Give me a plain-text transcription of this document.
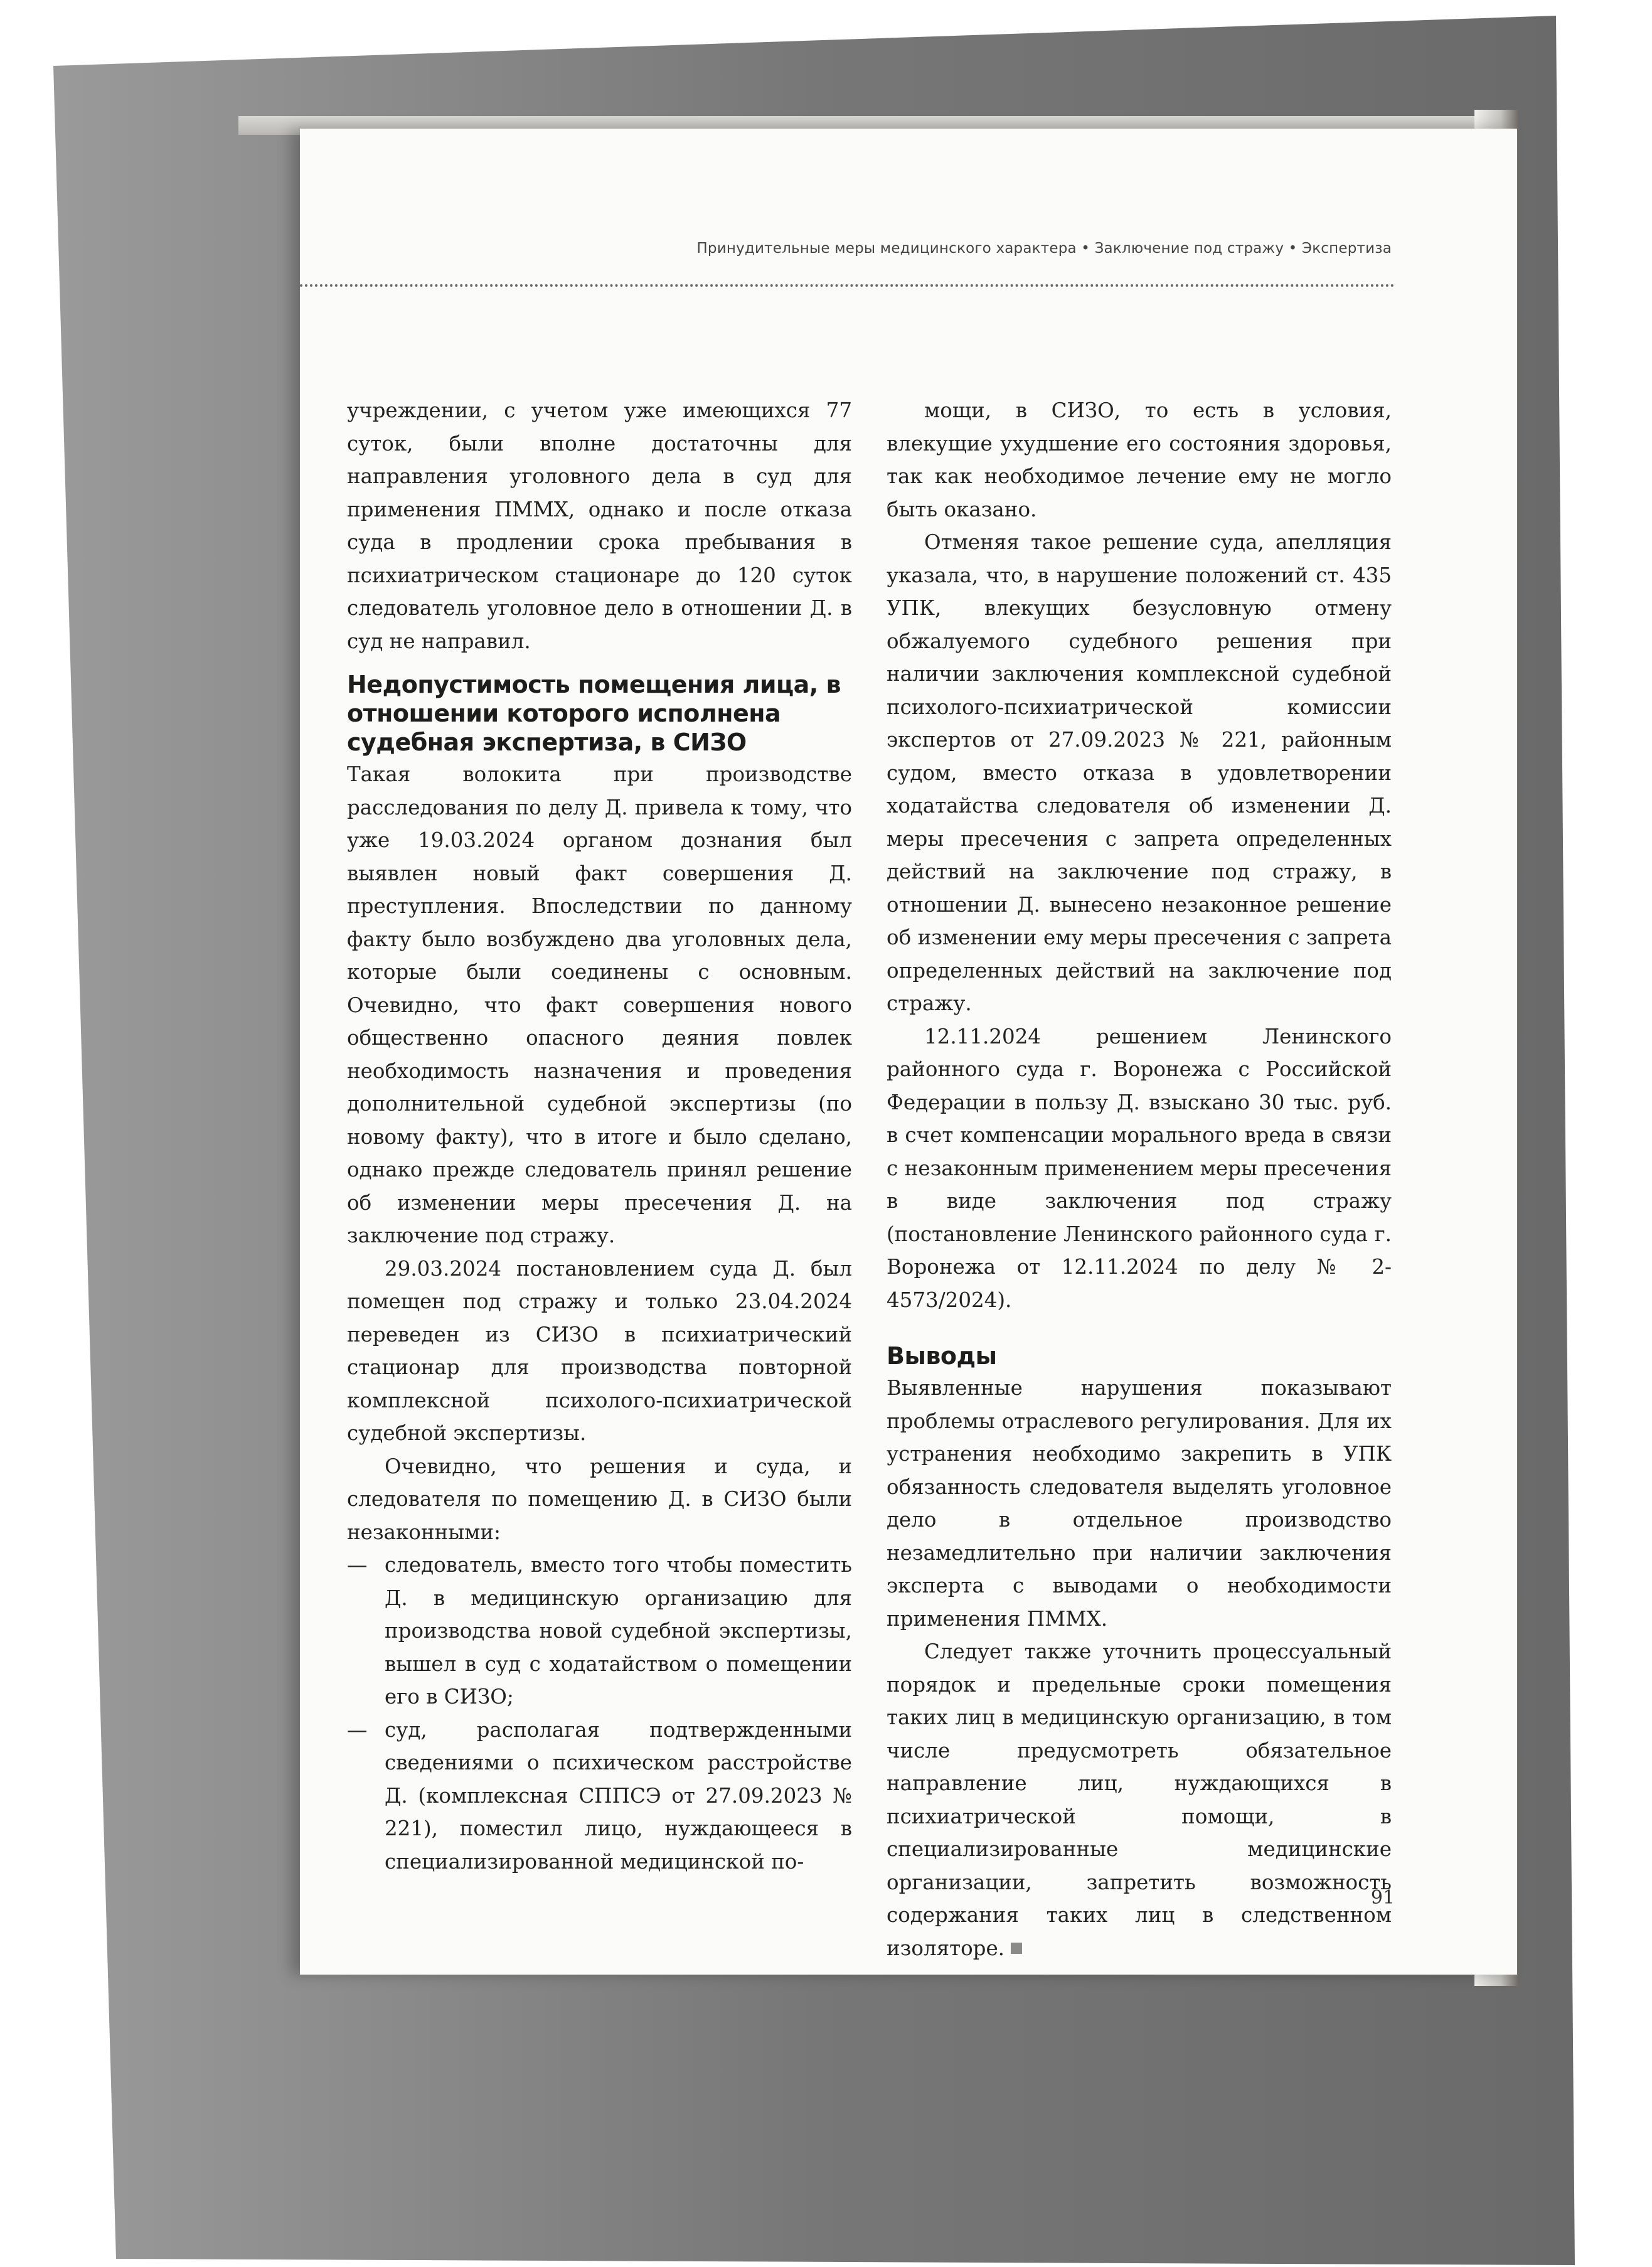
Принудительные меры медицинского характера • Заключение под стражу • Экспертиза

учреждении, с учетом уже имеющихся 77 суток, были вполне достаточны для направления уголовного дела в суд для применения ПММХ, однако и после отказа суда в продлении срока пребывания в психиатрическом стационаре до 120 суток следователь уголовное дело в отношении Д. в суд не направил.

Недопустимость помещения лица, в отношении которого исполнена судебная экспертиза, в СИЗО

Такая волокита при производстве расследования по делу Д. привела к тому, что уже 19.03.2024 органом дознания был выявлен новый факт совершения Д. преступления. Впоследствии по данному факту было возбуждено два уголовных дела, которые были соединены с основным. Очевидно, что факт совершения нового общественно опасного деяния повлек необходимость назначения и проведения дополнительной судебной экспертизы (по новому факту), что в итоге и было сделано, однако прежде следователь принял решение об изменении меры пресечения Д. на заключение под стражу.

29.03.2024 постановлением суда Д. был помещен под стражу и только 23.04.2024 переведен из СИЗО в психиатрический стационар для производства повторной комплексной психолого-психиатрической судебной экспертизы.

Очевидно, что решения и суда, и следователя по помещению Д. в СИЗО были незаконными:

— следователь, вместо того чтобы поместить Д. в медицинскую организацию для производства новой судебной экспертизы, вышел в суд с ходатайством о помещении его в СИЗО;
— суд, располагая подтвержденными сведениями о психическом расстройстве Д. (комплексная СППСЭ от 27.09.2023 № 221), поместил лицо, нуждающееся в специализированной медицинской по-

мощи, в СИЗО, то есть в условия, влекущие ухудшение его состояния здоровья, так как необходимое лечение ему не могло быть оказано.

Отменяя такое решение суда, апелляция указала, что, в нарушение положений ст. 435 УПК, влекущих безусловную отмену обжалуемого судебного решения при наличии заключения комплексной судебной психолого-психиатрической комиссии экспертов от 27.09.2023 № 221, районным судом, вместо отказа в удовлетворении ходатайства следователя об изменении Д. меры пресечения с запрета определенных действий на заключение под стражу, в отношении Д. вынесено незаконное решение об изменении ему меры пресечения с запрета определенных действий на заключение под стражу.

12.11.2024 решением Ленинского районного суда г. Воронежа с Российской Федерации в пользу Д. взыскано 30 тыс. руб. в счет компенсации морального вреда в связи с незаконным применением меры пресечения в виде заключения под стражу (постановление Ленинского районного суда г. Воронежа от 12.11.2024 по делу № 2-4573/2024).

Выводы

Выявленные нарушения показывают проблемы отраслевого регулирования. Для их устранения необходимо закрепить в УПК обязанность следователя выделять уголовное дело в отдельное производство незамедлительно при наличии заключения эксперта с выводами о необходимости применения ПММХ.

Следует также уточнить процессуальный порядок и предельные сроки помещения таких лиц в медицинскую организацию, в том числе предусмотреть обязательное направление лиц, нуждающихся в психиатрической помощи, в специализированные медицинские организации, запретить возможность содержания таких лиц в следственном изоляторе.

91
